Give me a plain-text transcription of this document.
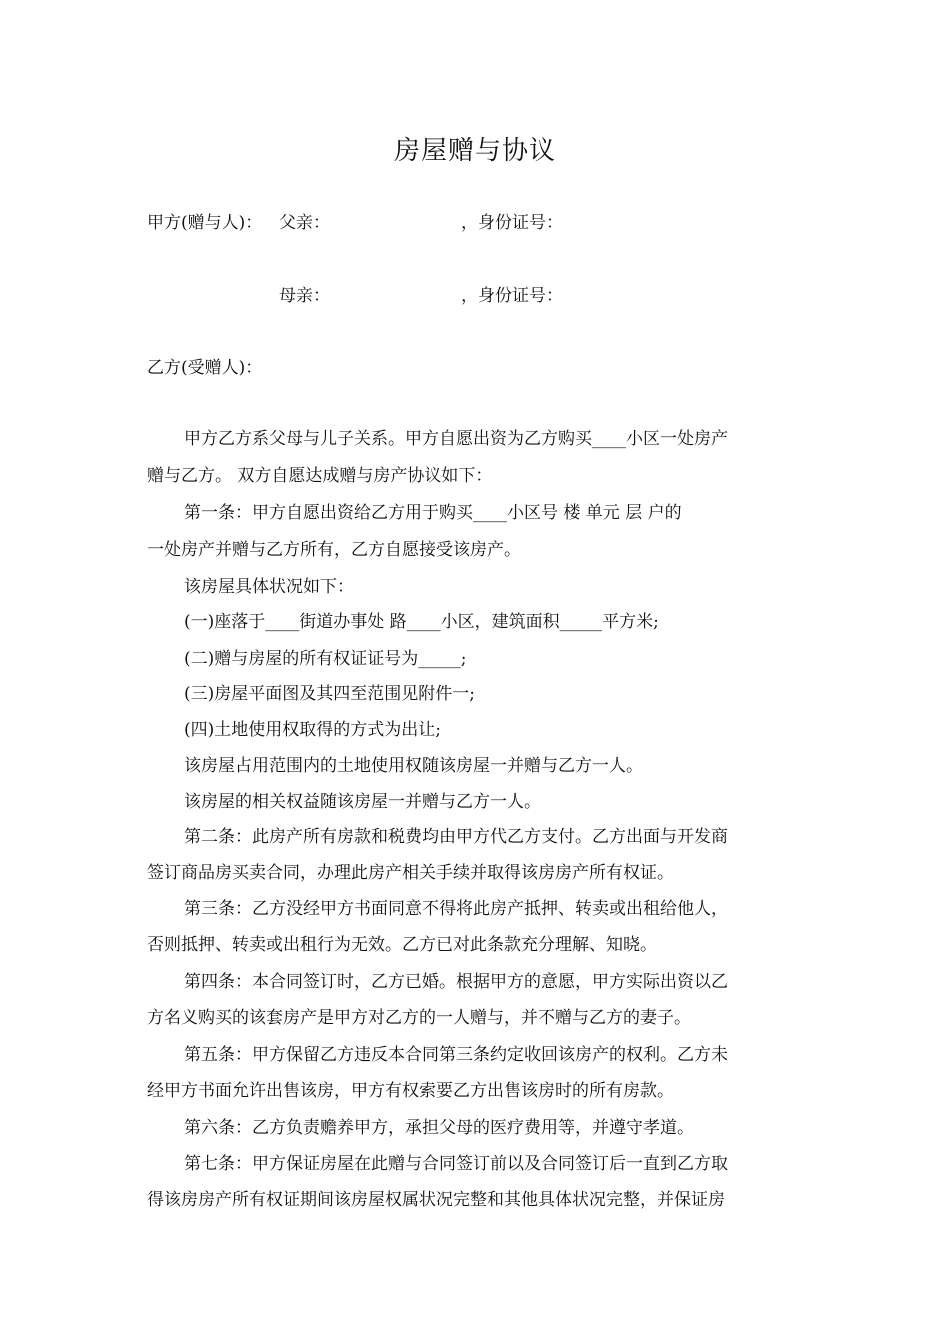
房屋赠与协议
甲方(赠与人)： 父亲：	，身份证号：
母亲：	，身份证号：
乙方(受赠人)：
甲方乙方系父母与儿子关系。甲方自愿出资为乙方购买____小区一处房产
赠与乙方。 双方自愿达成赠与房产协议如下：
第一条：甲方自愿出资给乙方用于购买____小区号 楼 单元 层 户的
一处房产并赠与乙方所有，乙方自愿接受该房产。
该房屋具体状况如下：
(一)座落于____街道办事处 路____小区，建筑面积_____平方米;
(二)赠与房屋的所有权证证号为_____;
(三)房屋平面图及其四至范围见附件一;
(四)土地使用权取得的方式为出让;
该房屋占用范围内的土地使用权随该房屋一并赠与乙方一人。
该房屋的相关权益随该房屋一并赠与乙方一人。
第二条：此房产所有房款和税费均由甲方代乙方支付。乙方出面与开发商
签订商品房买卖合同，办理此房产相关手续并取得该房房产所有权证。
第三条：乙方没经甲方书面同意不得将此房产抵押、转卖或出租给他人，
否则抵押、转卖或出租行为无效。乙方已对此条款充分理解、知晓。
第四条：本合同签订时，乙方已婚。根据甲方的意愿，甲方实际出资以乙
方名义购买的该套房产是甲方对乙方的一人赠与，并不赠与乙方的妻子。
第五条：甲方保留乙方违反本合同第三条约定收回该房产的权利。乙方未
经甲方书面允许出售该房，甲方有权索要乙方出售该房时的所有房款。
第六条：乙方负责赡养甲方，承担父母的医疗费用等，并遵守孝道。
第七条：甲方保证房屋在此赠与合同签订前以及合同签订后一直到乙方取
得该房房产所有权证期间该房屋权属状况完整和其他具体状况完整，并保证房
